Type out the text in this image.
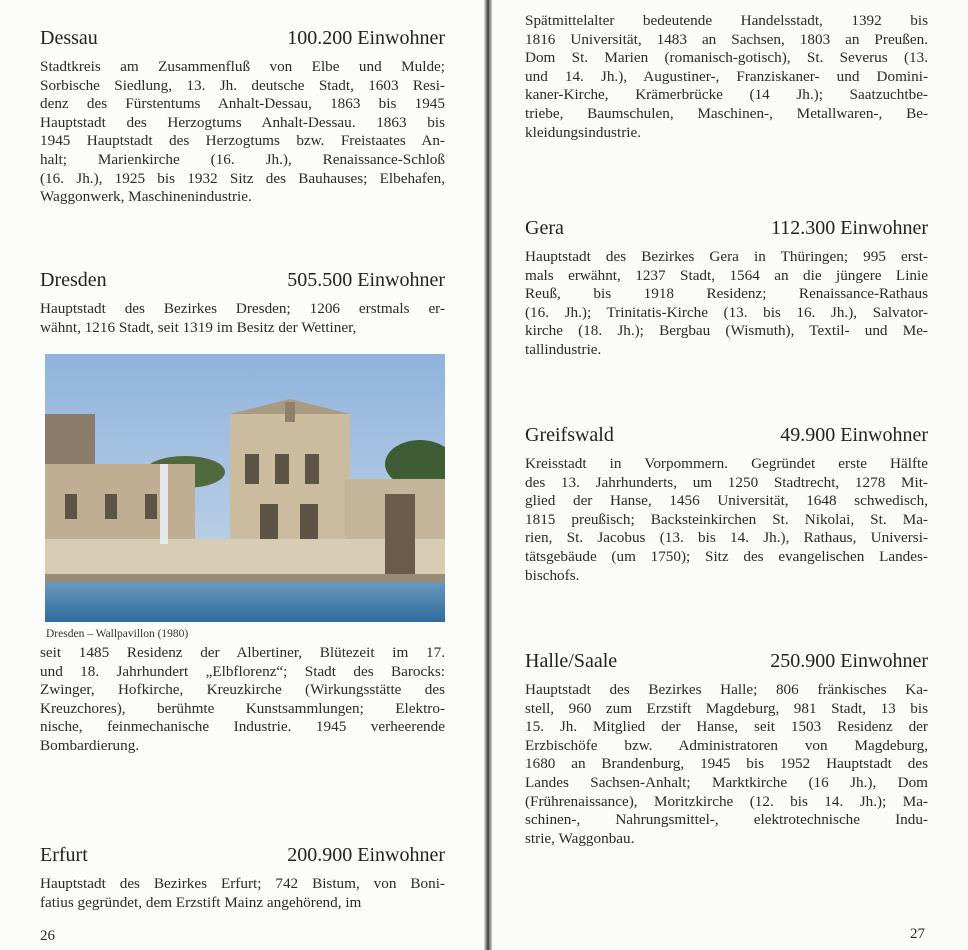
Dessau	100.200 Einwohner
Stadtkreis am Zusammenfluß von Elbe und Mulde;
Sorbische Siedlung, 13. Jh. deutsche Stadt, 1603 Resi-
denz des Fürstentums Anhalt-Dessau, 1863 bis 1945
Hauptstadt des Herzogtums Anhalt-Dessau. 1863 bis
1945 Hauptstadt des Herzogtums bzw. Freistaates An-
halt; Marienkirche (16. Jh.), Renaissance-Schloß
(16. Jh.), 1925 bis 1932 Sitz des Bauhauses; Elbehafen,
Waggonwerk, Maschinenindustrie.
Dresden	505.500 Einwohner
Hauptstadt des Bezirkes Dresden; 1206 erstmals er-
wähnt, 1216 Stadt, seit 1319 im Besitz der Wettiner,
Dresden – Wallpavillon (1980)
seit 1485 Residenz der Albertiner, Blütezeit im 17.
und 18. Jahrhundert „Elbflorenz“; Stadt des Barocks:
Zwinger, Hofkirche, Kreuzkirche (Wirkungsstätte des
Kreuzchores), berühmte Kunstsammlungen; Elektro-
nische, feinmechanische Industrie. 1945 verheerende
Bombardierung.
Erfurt	200.900 Einwohner
Hauptstadt des Bezirkes Erfurt; 742 Bistum, von Boni-
fatius gegründet, dem Erzstift Mainz angehörend, im
26
Spätmittelalter bedeutende Handelsstadt, 1392 bis
1816 Universität, 1483 an Sachsen, 1803 an Preußen.
Dom St. Marien (romanisch-gotisch), St. Severus (13.
und 14. Jh.), Augustiner-, Franziskaner- und Domini-
kaner-Kirche, Krämerbrücke (14 Jh.); Saatzuchtbe-
triebe, Baumschulen, Maschinen-, Metallwaren-, Be-
kleidungsindustrie.
Gera	112.300 Einwohner
Hauptstadt des Bezirkes Gera in Thüringen; 995 erst-
mals erwähnt, 1237 Stadt, 1564 an die jüngere Linie
Reuß, bis 1918 Residenz; Renaissance-Rathaus
(16. Jh.); Trinitatis-Kirche (13. bis 16. Jh.), Salvator-
kirche (18. Jh.); Bergbau (Wismuth), Textil- und Me-
tallindustrie.
Greifswald	49.900 Einwohner
Kreisstadt in Vorpommern. Gegründet erste Hälfte
des 13. Jahrhunderts, um 1250 Stadtrecht, 1278 Mit-
glied der Hanse, 1456 Universität, 1648 schwedisch,
1815 preußisch; Backsteinkirchen St. Nikolai, St. Ma-
rien, St. Jacobus (13. bis 14. Jh.), Rathaus, Universi-
tätsgebäude (um 1750); Sitz des evangelischen Landes-
bischofs.
Halle/Saale	250.900 Einwohner
Hauptstadt des Bezirkes Halle; 806 fränkisches Ka-
stell, 960 zum Erzstift Magdeburg, 981 Stadt, 13 bis
15. Jh. Mitglied der Hanse, seit 1503 Residenz der
Erzbischöfe bzw. Administratoren von Magdeburg,
1680 an Brandenburg, 1945 bis 1952 Hauptstadt des
Landes Sachsen-Anhalt; Marktkirche (16 Jh.), Dom
(Frührenaissance), Moritzkirche (12. bis 14. Jh.); Ma-
schinen-, Nahrungsmittel-, elektrotechnische Indu-
strie, Waggonbau.
27
